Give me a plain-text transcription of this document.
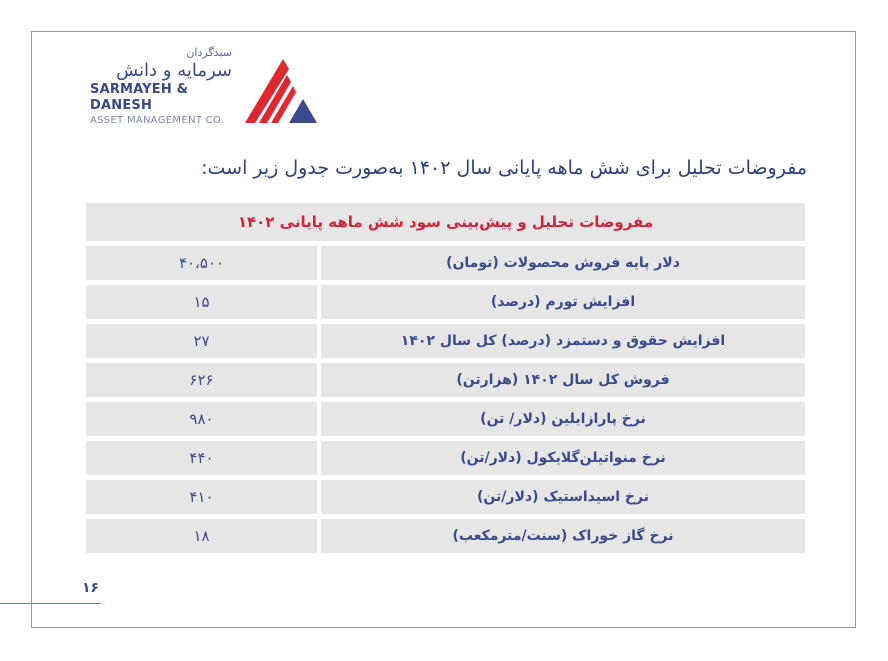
سبدگردان
سرمایه و دانش
SARMAYEH & DANESH
ASSET MANAGEMENT CO.
مفروضات تحلیل برای شش ماهه پایانی سال ۱۴۰۲ به‌صورت جدول زیر است:
مفروضات تحلیل و پیش‌بینی سود شش ماهه پایانی ۱۴۰۲
۴۰،۵۰۰	دلار پایه فروش محصولات (تومان)
۱۵	افزایش تورم (درصد)
۲۷	افزایش حقوق و دستمزد (درصد) کل سال ۱۴۰۲
۶۲۶	فروش کل سال ۱۴۰۲ (هزارتن)
۹۸۰	نرخ پارازایلین (دلار/ تن)
۴۴۰	نرخ منواتیلن‌گلایکول (دلار/تن)
۴۱۰	نرخ اسیداستیک (دلار/تن)
۱۸	نرخ گاز خوراک (سنت/مترمکعب)
۱۶
